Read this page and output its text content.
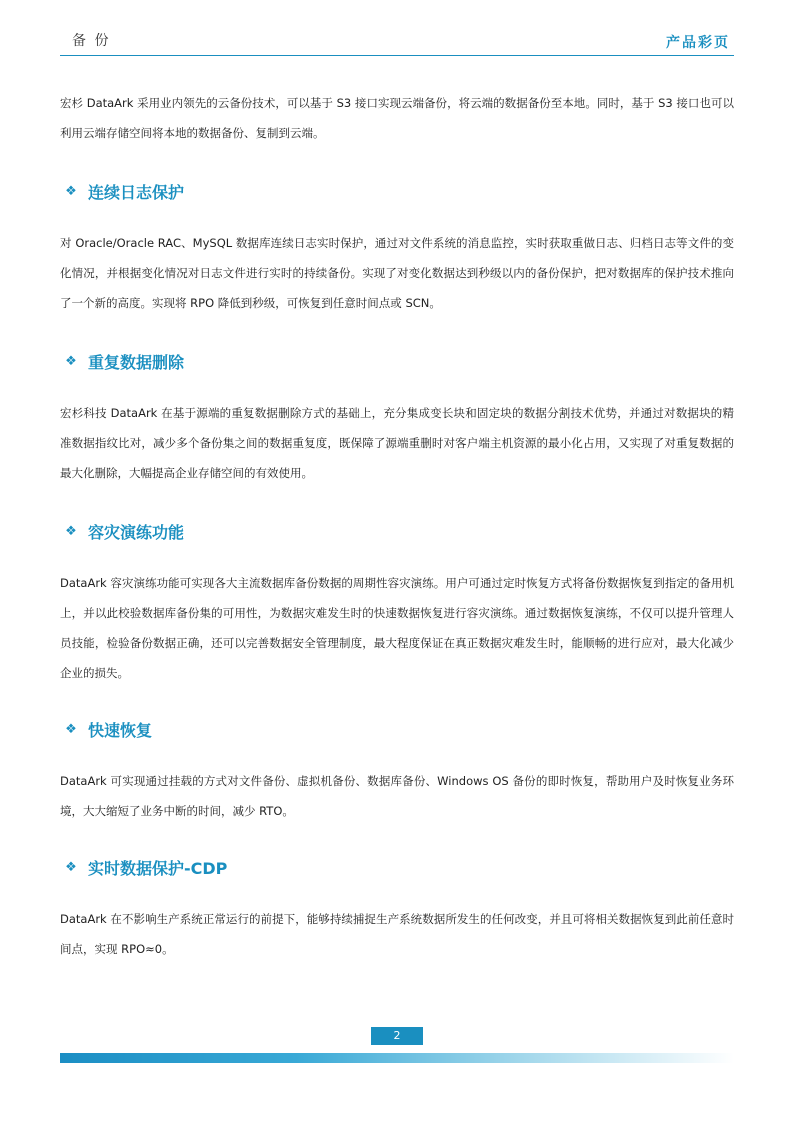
备 份	产品彩页

宏杉 DataArk 采用业内领先的云备份技术，可以基于 S3 接口实现云端备份，将云端的数据备份至本地。同时，基于 S3 接口也可以利用云端存储空间将本地的数据备份、复制到云端。

❖ 连续日志保护

对 Oracle/Oracle RAC、MySQL 数据库连续日志实时保护，通过对文件系统的消息监控，实时获取重做日志、归档日志等文件的变化情况，并根据变化情况对日志文件进行实时的持续备份。实现了对变化数据达到秒级以内的备份保护，把对数据库的保护技术推向了一个新的高度。实现将 RPO 降低到秒级，可恢复到任意时间点或 SCN。

❖ 重复数据删除

宏杉科技 DataArk 在基于源端的重复数据删除方式的基础上，充分集成变长块和固定块的数据分割技术优势，并通过对数据块的精准数据指纹比对，减少多个备份集之间的数据重复度，既保障了源端重删时对客户端主机资源的最小化占用，又实现了对重复数据的最大化删除，大幅提高企业存储空间的有效使用。

❖ 容灾演练功能

DataArk 容灾演练功能可实现各大主流数据库备份数据的周期性容灾演练。用户可通过定时恢复方式将备份数据恢复到指定的备用机上，并以此校验数据库备份集的可用性，为数据灾难发生时的快速数据恢复进行容灾演练。通过数据恢复演练，不仅可以提升管理人员技能，检验备份数据正确，还可以完善数据安全管理制度，最大程度保证在真正数据灾难发生时，能顺畅的进行应对，最大化减少企业的损失。

❖ 快速恢复

DataArk 可实现通过挂载的方式对文件备份、虚拟机备份、数据库备份、Windows OS 备份的即时恢复，帮助用户及时恢复业务环境，大大缩短了业务中断的时间，减少 RTO。

❖ 实时数据保护-CDP

DataArk 在不影响生产系统正常运行的前提下，能够持续捕捉生产系统数据所发生的任何改变，并且可将相关数据恢复到此前任意时间点，实现 RPO≈0。

2
